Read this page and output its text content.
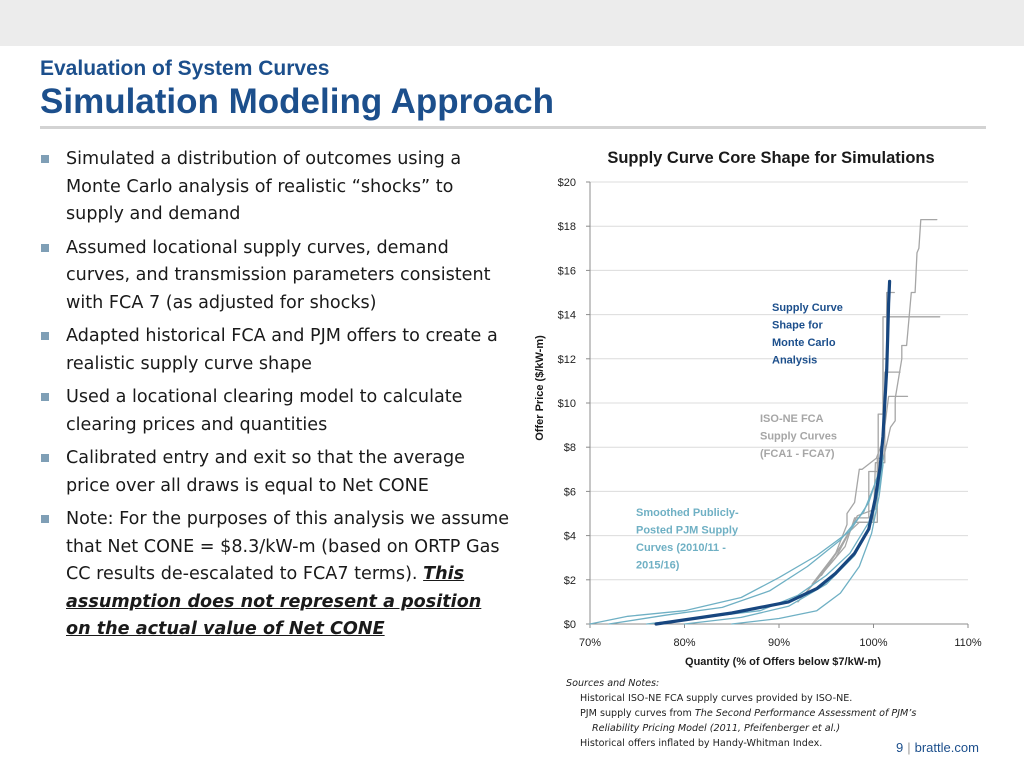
Evaluation of System Curves
Simulation Modeling Approach
Simulated a distribution of outcomes using a Monte Carlo analysis of realistic “shocks” to supply and demand
Assumed locational supply curves, demand curves, and transmission parameters consistent with FCA 7 (as adjusted for shocks)
Adapted historical FCA and PJM offers to create a realistic supply curve shape
Used a locational clearing model to calculate clearing prices and quantities
Calibrated entry and exit so that the average price over all draws is equal to Net CONE
Note: For the purposes of this analysis we assume that Net CONE = $8.3/kW-m (based on ORTP Gas CC results de-escalated to FCA7 terms). This assumption does not represent a position on the actual value of Net CONE	$0
$2
$4
$6
$8
$10
$12
$14
$16
$18
$20
70%	80%	90%	100%	110%
Supply Curve Core Shape for Simulations
Quantity (% of Offers below $7/kW-m)
Offer Price ($/kW-m)
Supply Curve
Shape for
Monte Carlo
Analysis
ISO-NE FCA
Supply Curves
(FCA1 - FCA7)
Smoothed Publicly-
Posted PJM Supply
Curves (2010/11 -
2015/16)
Sources and Notes:
Historical ISO-NE FCA supply curves provided by ISO-NE.
PJM supply curves from The Second Performance Assessment of PJM’s
Reliability Pricing Model (2011, Pfeifenberger et al.)
Historical offers inflated by Handy-Whitman Index.	9 | brattle.com
